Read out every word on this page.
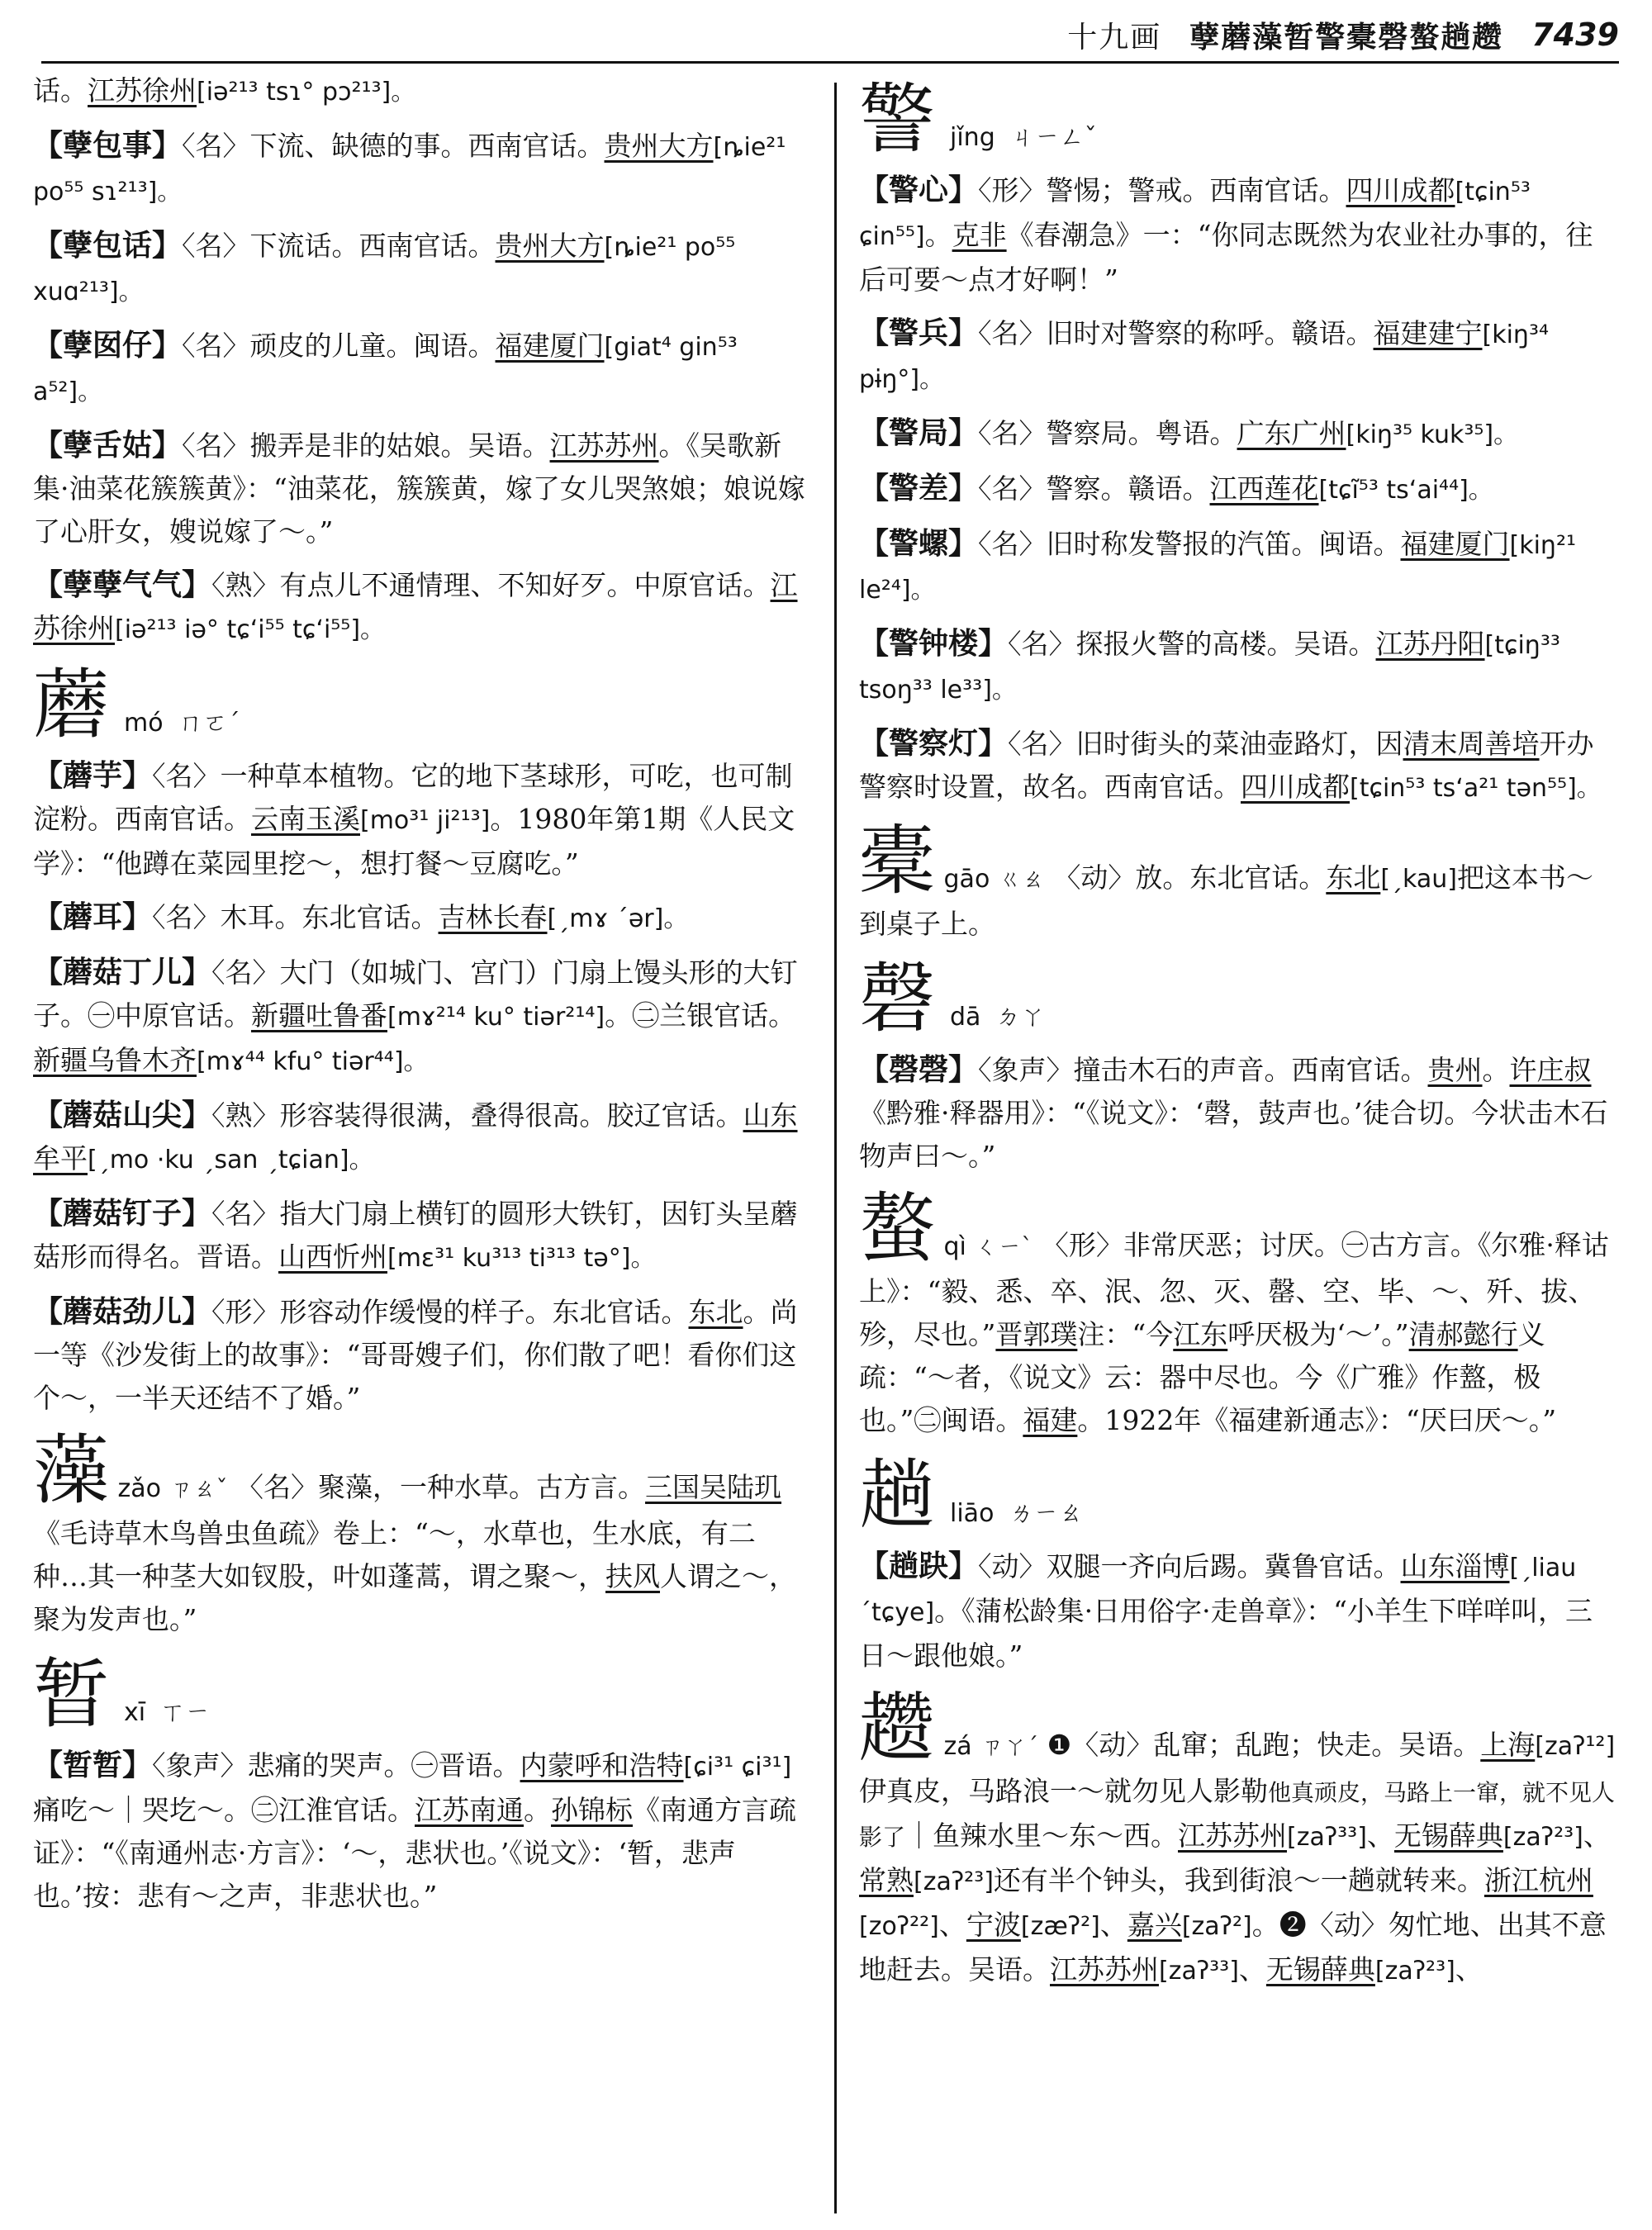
十九画 孽蘑藻暂警橐磬螯趟趱 7439

话。江苏徐州[iə²¹³ tsɿ° pɔ²¹³]。

【孽包事】〈名〉下流、缺德的事。西南官话。贵州大方[ȵie²¹ po⁵⁵ sɿ²¹³]。

【孽包话】〈名〉下流话。西南官话。贵州大方[ȵie²¹ po⁵⁵ xuɑ²¹³]。

【孽囡仔】〈名〉顽皮的儿童。闽语。福建厦门[giat⁴ gin⁵³ a⁵²]。

【孽舌姑】〈名〉搬弄是非的姑娘。吴语。江苏苏州。《吴歌新集·油菜花簇簇黄》：“油菜花，簇簇黄，嫁了女儿哭煞娘；娘说嫁了心肝女，嫂说嫁了～。”

【孽孽气气】〈熟〉有点儿不通情理、不知好歹。中原官话。江苏徐州[iə²¹³ iə° tɕʻi⁵⁵ tɕʻi⁵⁵]。

蘑 mó ㄇㄛˊ

【蘑芋】〈名〉一种草本植物。它的地下茎球形，可吃，也可制淀粉。西南官话。云南玉溪[mo³¹ ji²¹³]。1980年第1期《人民文学》：“他蹲在菜园里挖～，想打餐～豆腐吃。”

【蘑耳】〈名〉木耳。东北官话。吉林长春[ˏmɤ ˊər]。

【蘑菇丁儿】〈名〉大门（如城门、宫门）门扇上馒头形的大钉子。㊀中原官话。新疆吐鲁番[mɤ²¹⁴ ku° tiər²¹⁴]。㊁兰银官话。新疆乌鲁木齐[mɤ⁴⁴ kfu° tiər⁴⁴]。

【蘑菇山尖】〈熟〉形容装得很满，叠得很高。胶辽官话。山东牟平[ˏmo ·ku ˏsan ˏtɕian]。

【蘑菇钉子】〈名〉指大门扇上横钉的圆形大铁钉，因钉头呈蘑菇形而得名。晋语。山西忻州[mɛ³¹ ku³¹³ ti³¹³ tə°]。

【蘑菇劲儿】〈形〉形容动作缓慢的样子。东北官话。东北。尚一等《沙发街上的故事》：“哥哥嫂子们，你们散了吧！看你们这个～，一半天还结不了婚。”

藻 zǎo ㄗㄠˇ 〈名〉聚藻，一种水草。古方言。三国吴陆玑《毛诗草木鸟兽虫鱼疏》卷上：“～，水草也，生水底，有二种…其一种茎大如钗股，叶如蓬蒿，谓之聚～，扶风人谓之～，聚为发声也。”

暂 xī ㄒㄧ

【暂暂】〈象声〉悲痛的哭声。㊀晋语。内蒙呼和浩特[ɕi³¹ ɕi³¹]痛吃～｜哭圪～。㊁江淮官话。江苏南通。孙锦标《南通方言疏证》：“《南通州志·方言》：‘～，悲状也。’《说文》：‘暂，悲声也。’按：悲有～之声，非悲状也。”

警 jǐng ㄐㄧㄥˇ

【警心】〈形〉警惕；警戒。西南官话。四川成都[tɕin⁵³ ɕin⁵⁵]。克非《春潮急》一：“你同志既然为农业社办事的，往后可要～点才好啊！”

【警兵】〈名〉旧时对警察的称呼。赣语。福建建宁[kiŋ³⁴ pɨŋ°]。

【警局】〈名〉警察局。粤语。广东广州[kiŋ³⁵ kuk³⁵]。

【警差】〈名〉警察。赣语。江西莲花[tɕĩ⁵³ tsʻai⁴⁴]。

【警螺】〈名〉旧时称发警报的汽笛。闽语。福建厦门[kiŋ²¹ le²⁴]。

【警钟楼】〈名〉探报火警的高楼。吴语。江苏丹阳[tɕiŋ³³ tsoŋ³³ le³³]。

【警察灯】〈名〉旧时街头的菜油壶路灯，因清末周善培开办警察时设置，故名。西南官话。四川成都[tɕin⁵³ tsʻa²¹ tən⁵⁵]。

橐 gāo ㄍㄠ 〈动〉放。东北官话。东北[ˏkau]把这本书～到桌子上。

磬 dā ㄉㄚ

【磬磬】〈象声〉撞击木石的声音。西南官话。贵州。许庄叔《黔雅·释器用》：“《说文》：‘磬，鼓声也。’徒合切。今状击木石物声曰～。”

螯 qì ㄑㄧˋ 〈形〉非常厌恶；讨厌。㊀古方言。《尔雅·释诂上》：“毅、悉、卒、泯、忽、灭、罄、空、毕、～、歼、拔、殄，尽也。”晋郭璞注：“今江东呼厌极为‘～’。”清郝懿行义疏：“～者，《说文》云：器中尽也。今《广雅》作盩，极也。”㊁闽语。福建。1922年《福建新通志》：“厌曰厌～。”

趟 liāo ㄌㄧㄠ

【趟趹】〈动〉双腿一齐向后踢。冀鲁官话。山东淄博[ˏliau ˊtɕye]。《蒲松龄集·日用俗字·走兽章》：“小羊生下咩咩叫，三日～跟他娘。”

趱 zá ㄗㄚˊ ❶〈动〉乱窜；乱跑；快走。吴语。上海[zaʔ¹²]伊真皮，马路浪一～就勿见人影勒他真顽皮，马路上一窜，就不见人影了｜鱼辣水里～东～西。江苏苏州[zaʔ³³]、无锡薛典[zaʔ²³]、常熟[zaʔ²³]还有半个钟头，我到街浪～一趟就转来。浙江杭州[zoʔ²²]、宁波[zæʔ²]、嘉兴[zaʔ²]。❷〈动〉匆忙地、出其不意地赶去。吴语。江苏苏州[zaʔ³³]、无锡薛典[zaʔ²³]、
